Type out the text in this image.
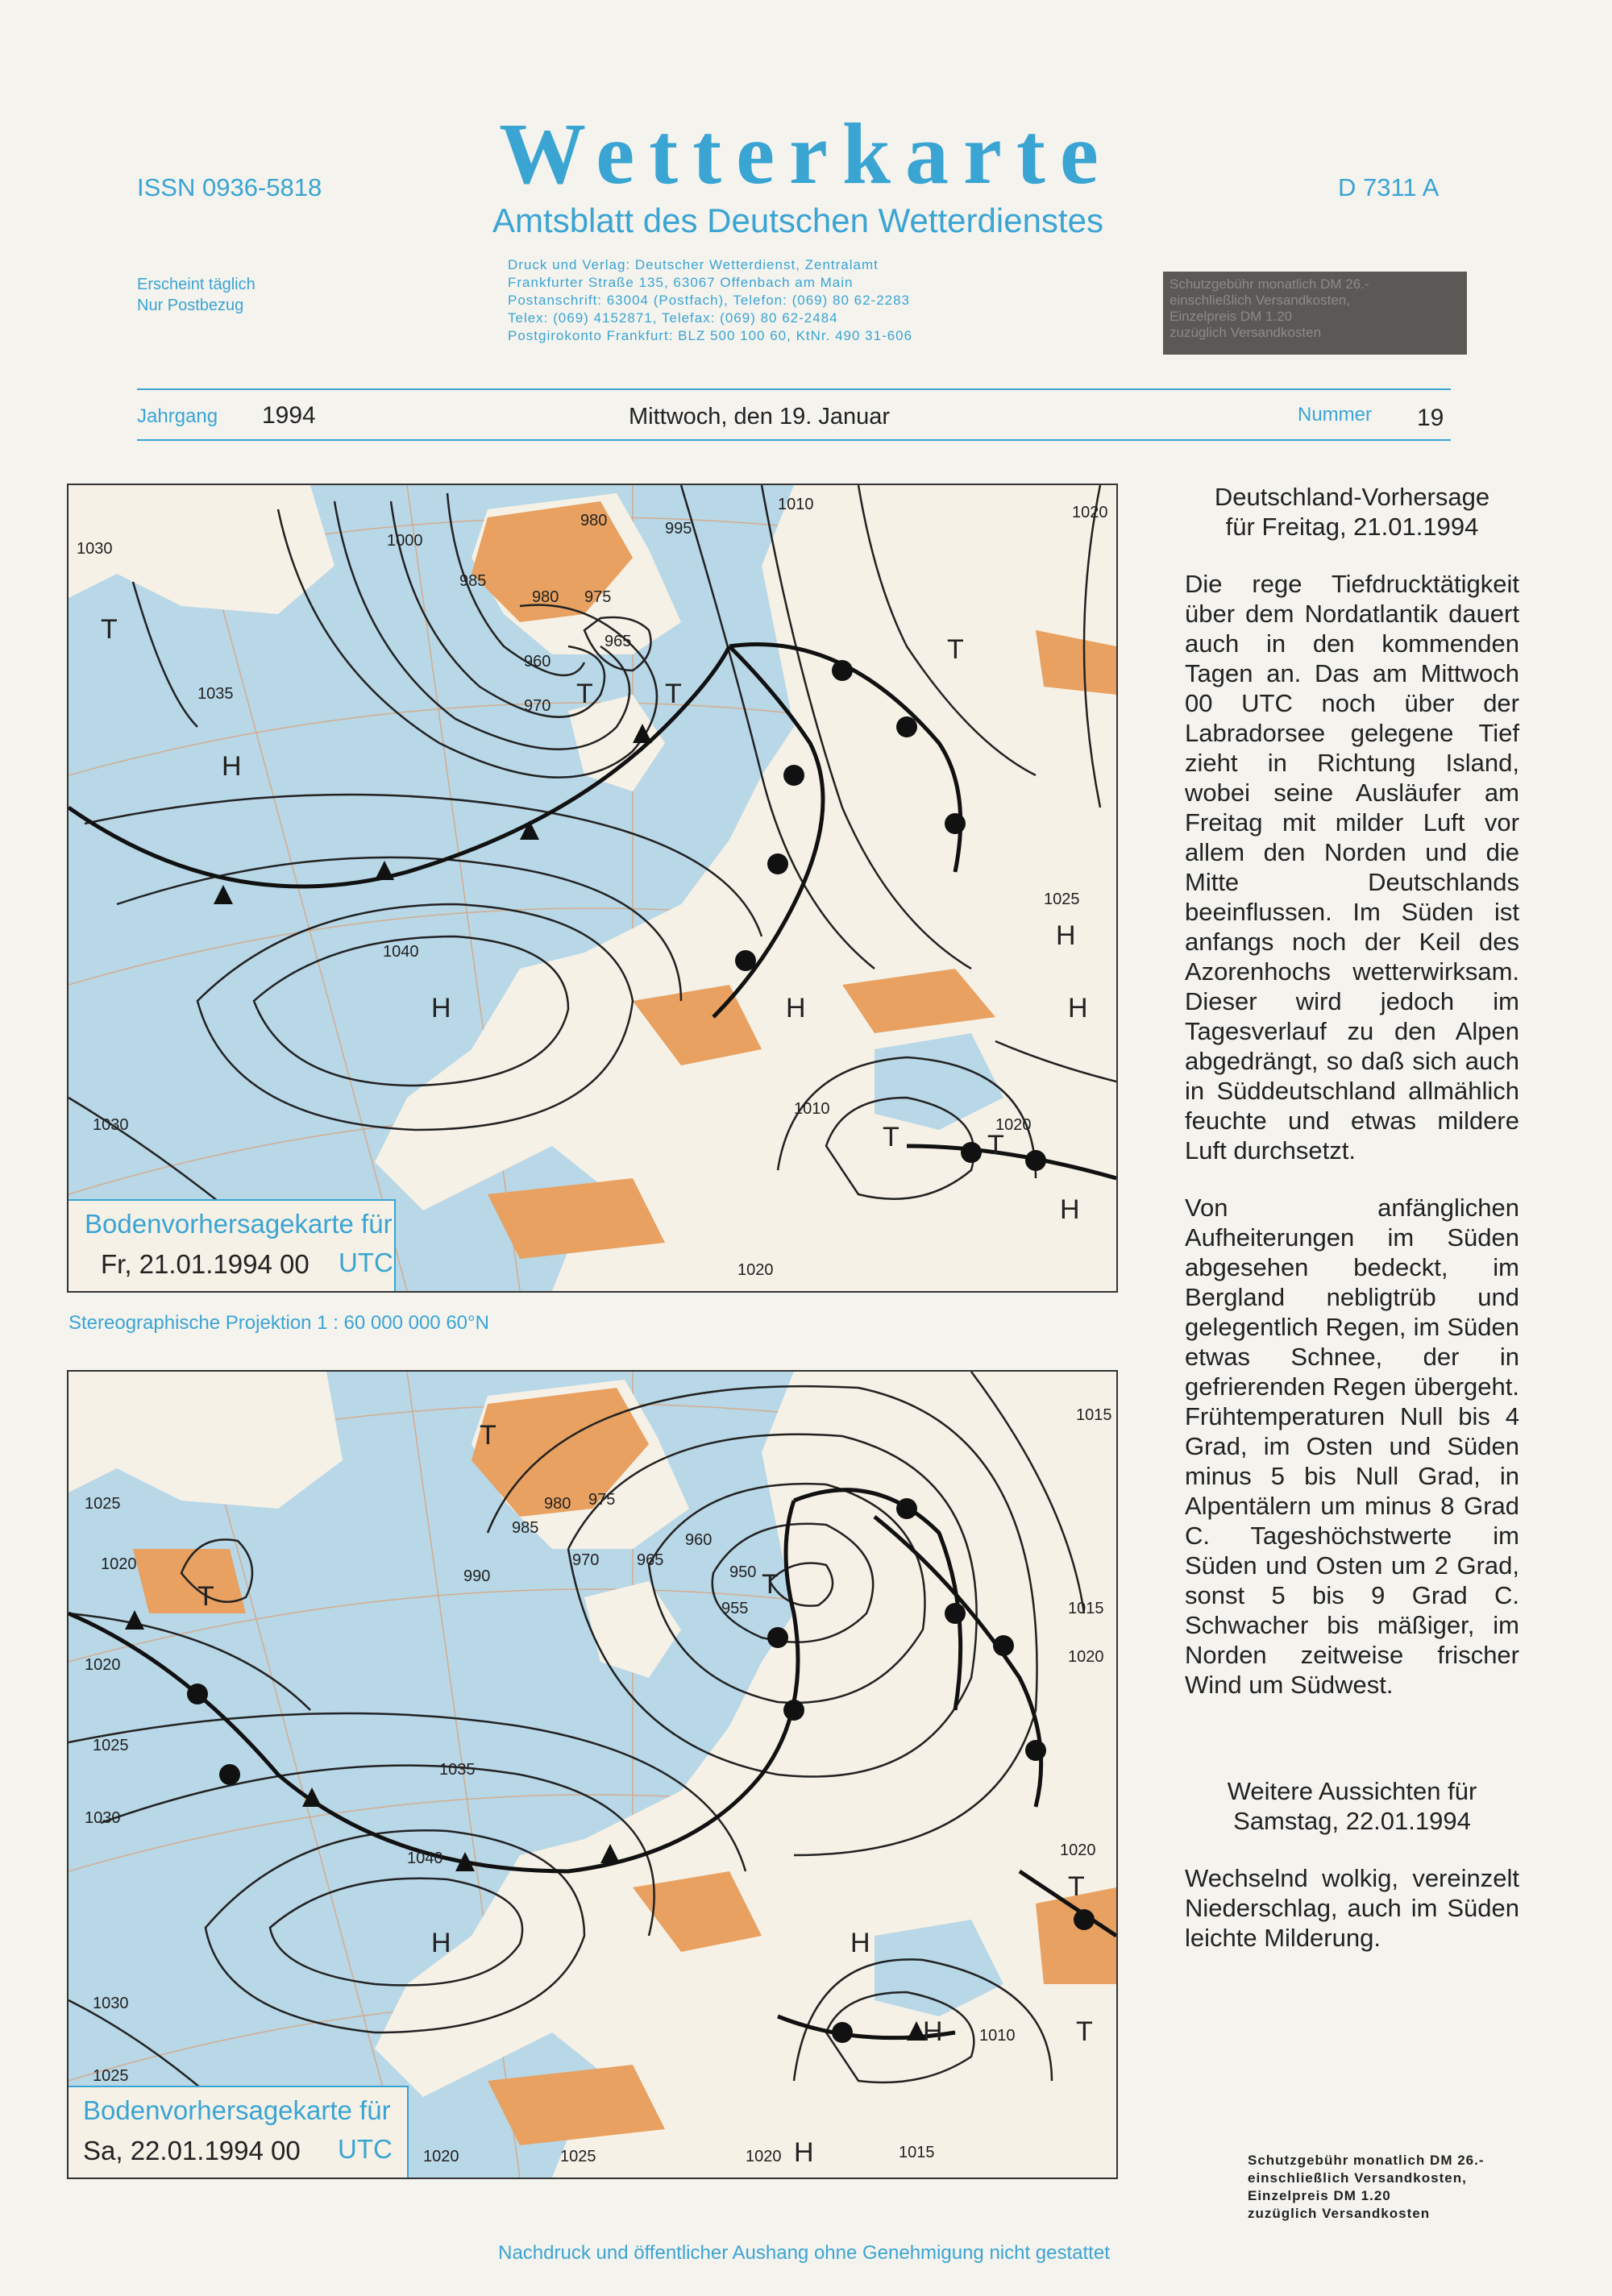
ISSN 0936-5818	Wetterkarte	D 7311 A
Amtsblatt des Deutschen Wetterdienstes
Erscheint täglich
Nur Postbezug
Druck und Verlag: Deutscher Wetterdienst, Zentralamt
Frankfurter Straße 135, 63067 Offenbach am Main
Postanschrift: 63004 (Postfach), Telefon: (069) 80 62-2283
Telex: (069) 4152871, Telefax: (069) 80 62-2484
Postgirokonto Frankfurt: BLZ 500 100 60, KtNr. 490 31-606
Schutzgebühr monatlich DM 26.-
einschließlich Versandkosten,
Einzelpreis DM 1.20
zuzüglich Versandkosten
Jahrgang 1994	Mittwoch, den 19. Januar	Nummer 19
T
T	T
H
H	H
H
H
T
T	T
H
1030
1035
1040
1030
1000
985
980
975
980
965
960
970
995
1010	1020
1025
1020
1010
1020
Bodenvorhersagekarte für
Fr, 21.01.1994 00 UTC
Stereographische Projektion 1 : 60 000 000 60°N
T
T
T
T
H	H
H	T
H
1025
1020
1020
1025
1030
1035
1040
1030
1025
990
985
980 975
970 965
960
950
955
1015
1020
1020
1015
1010
1020	1025	1020	1015
Bodenvorhersagekarte für
Sa, 22.01.1994 00 UTC
Deutschland-Vorhersage
für Freitag, 21.01.1994

Die rege Tiefdrucktätigkeit über dem Nordatlantik dauert auch in den kommenden Tagen an. Das am Mittwoch 00 UTC noch über der Labradorsee gelegene Tief zieht in Richtung Island, wobei seine Ausläufer am Freitag mit milder Luft vor allem den Norden und die Mitte Deutschlands beeinflussen. Im Süden ist anfangs noch der Keil des Azorenhochs wetterwirksam. Dieser wird jedoch im Tagesverlauf zu den Alpen abgedrängt, so daß sich auch in Süddeutschland allmählich feuchte und etwas mildere Luft durchsetzt.

Von anfänglichen Aufheiterungen im Süden abgesehen bedeckt, im Bergland nebligtrüb und gelegentlich Regen, im Süden etwas Schnee, der in gefrierenden Regen übergeht. Frühtemperaturen Null bis 4 Grad, im Osten und Süden minus 5 bis Null Grad, in Alpentälern um minus 8 Grad C. Tageshöchstwerte im Süden und Osten um 2 Grad, sonst 5 bis 9 Grad C. Schwacher bis mäßiger, im Norden zeitweise frischer Wind um Südwest.

Weitere Aussichten für
Samstag, 22.01.1994

Wechselnd wolkig, vereinzelt Niederschlag, auch im Süden leichte Milderung.

Schutzgebühr monatlich DM 26.-
einschließlich Versandkosten,
Einzelpreis DM 1.20
zuzüglich Versandkosten
Nachdruck und öffentlicher Aushang ohne Genehmigung nicht gestattet
